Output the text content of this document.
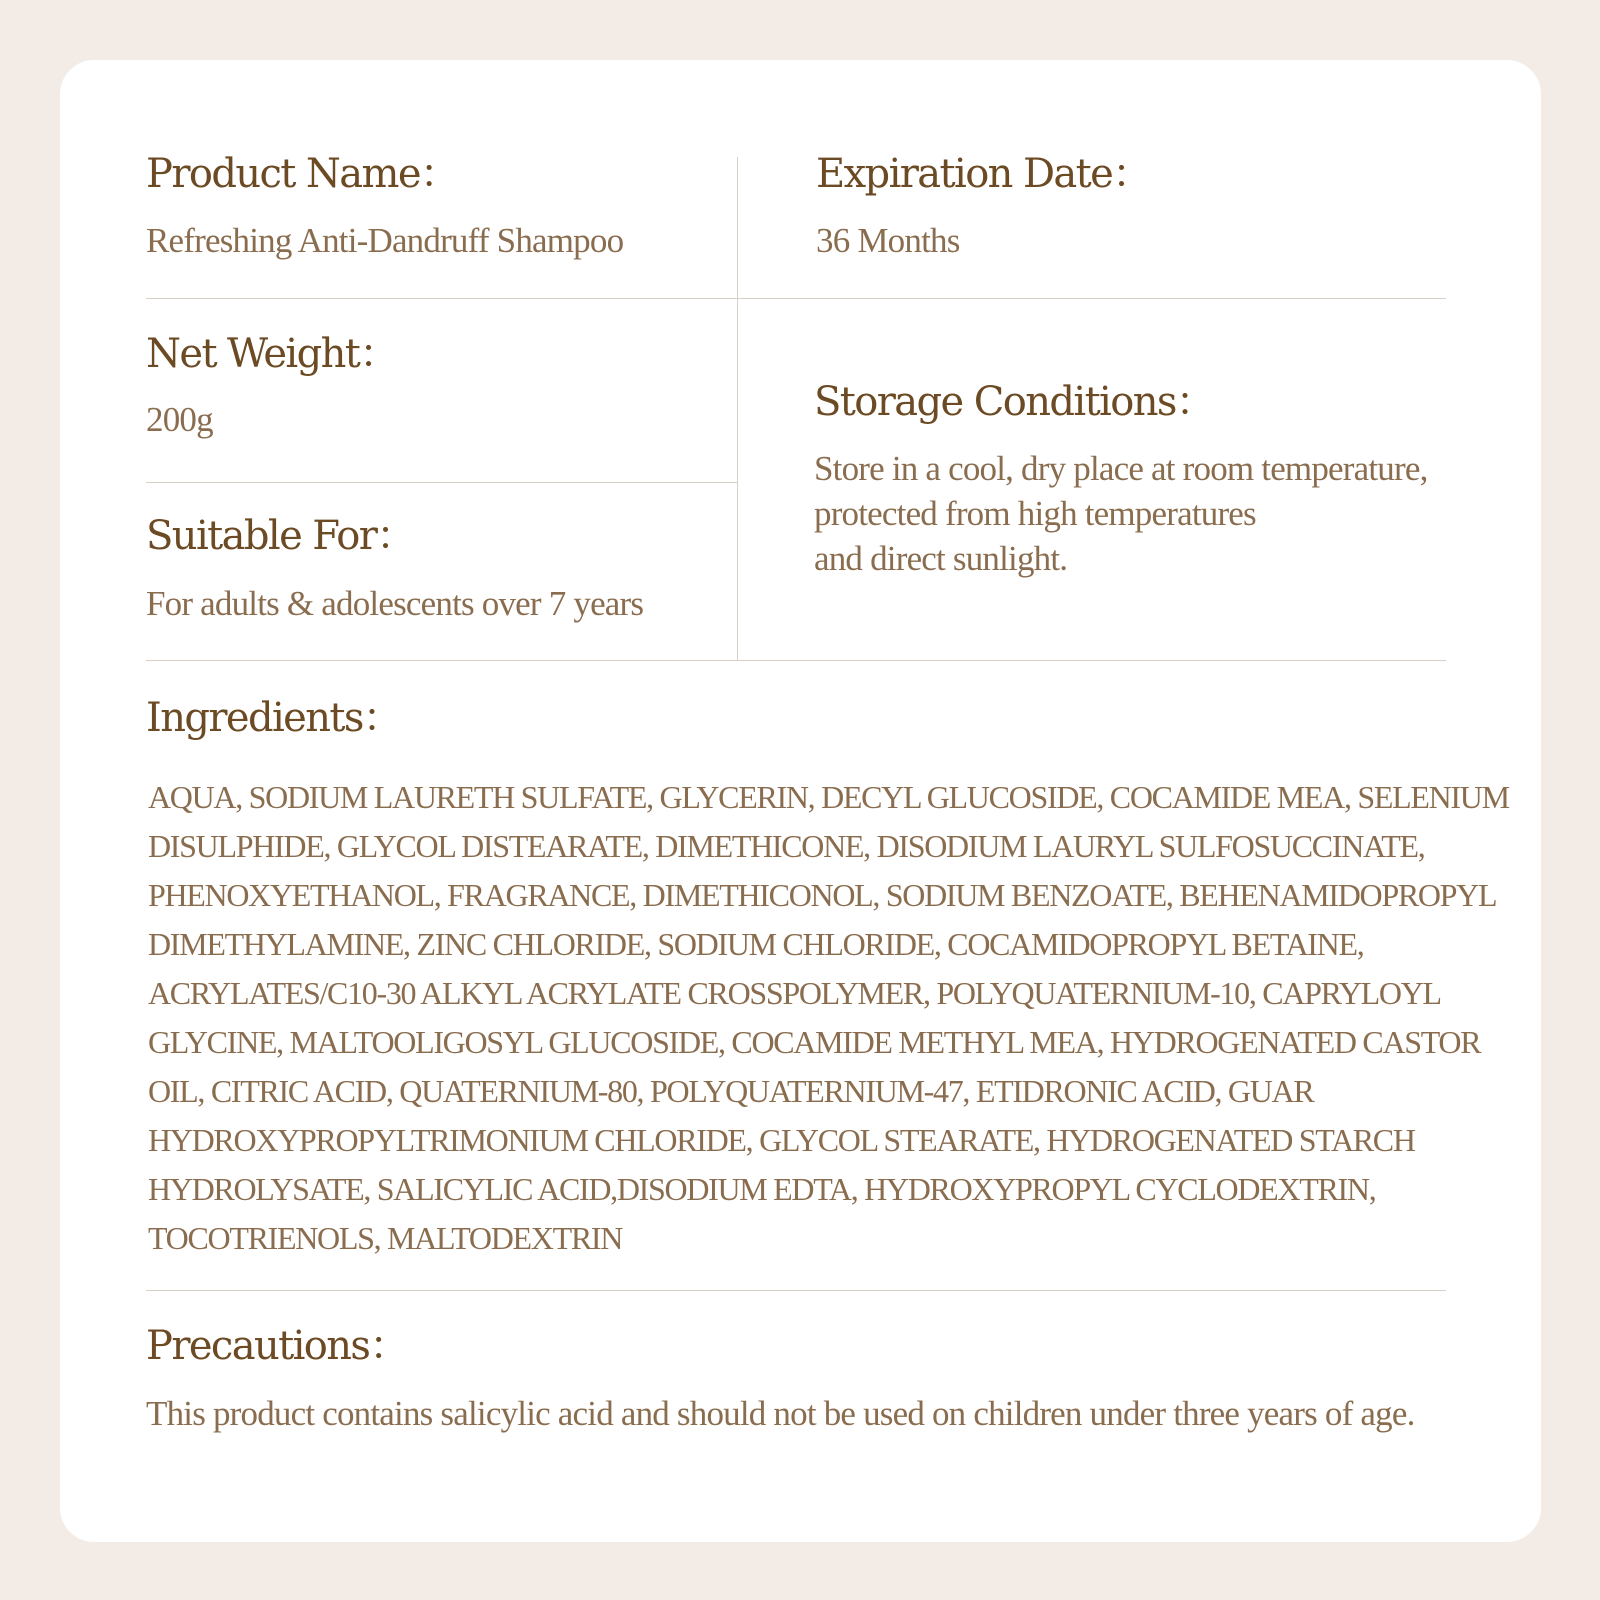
Product Name：
Refreshing Anti-Dandruff Shampoo
Expiration Date：
36 Months
Net Weight：
200g	Storage Conditions：
Store in a cool, dry place at room temperature,
protected from high temperatures
and direct sunlight.
Suitable For：
For adults & adolescents over 7 years
Ingredients：
AQUA, SODIUM LAURETH SULFATE, GLYCERIN, DECYL GLUCOSIDE, COCAMIDE MEA, SELENIUM
DISULPHIDE, GLYCOL DISTEARATE, DIMETHICONE, DISODIUM LAURYL SULFOSUCCINATE,
PHENOXYETHANOL, FRAGRANCE, DIMETHICONOL, SODIUM BENZOATE, BEHENAMIDOPROPYL
DIMETHYLAMINE, ZINC CHLORIDE, SODIUM CHLORIDE, COCAMIDOPROPYL BETAINE,
ACRYLATES/C10-30 ALKYL ACRYLATE CROSSPOLYMER, POLYQUATERNIUM-10, CAPRYLOYL
GLYCINE, MALTOOLIGOSYL GLUCOSIDE, COCAMIDE METHYL MEA, HYDROGENATED CASTOR
OIL, CITRIC ACID, QUATERNIUM-80, POLYQUATERNIUM-47, ETIDRONIC ACID, GUAR
HYDROXYPROPYLTRIMONIUM CHLORIDE, GLYCOL STEARATE, HYDROGENATED STARCH
HYDROLYSATE, SALICYLIC ACID,DISODIUM EDTA, HYDROXYPROPYL CYCLODEXTRIN,
TOCOTRIENOLS, MALTODEXTRIN
Precautions：
This product contains salicylic acid and should not be used on children under three years of age.
